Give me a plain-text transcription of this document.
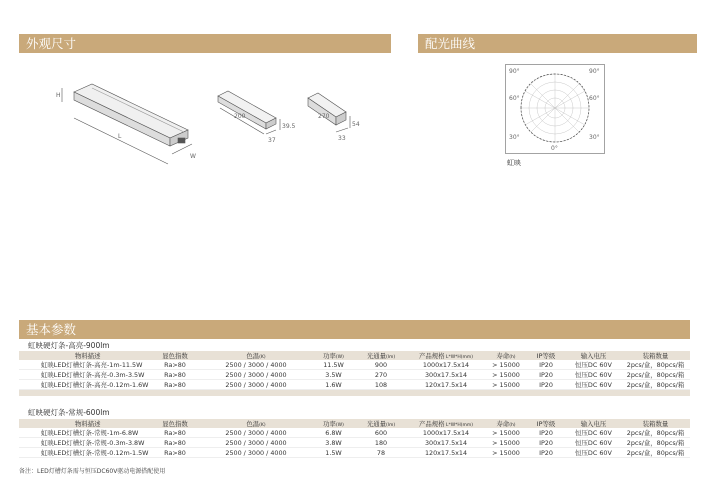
外观尺寸	配光曲线
基本参数
H
L
W
200
39.5
37
270
54
33
90°	90°
60°	60°
30°	30°
0°
虹映
虹映硬灯条-高亮-900lm
物料描述	显色指数	色温(K)	功率(W)	光通量(lm)	产品规格 L*W*H(mm)	寿命(h)	IP等级	输入电压	装箱数量
虹映LED灯槽灯条-高亮-1m-11.5W	Ra>80	2500 / 3000 / 4000	11.5W	900	1000x17.5x14	> 15000	IP20	恒压DC 60V	2pcs/盒，80pcs/箱
虹映LED灯槽灯条-高亮-0.3m-3.5W	Ra>80	2500 / 3000 / 4000	3.5W	270	300x17.5x14	> 15000	IP20	恒压DC 60V	2pcs/盒，80pcs/箱
虹映LED灯槽灯条-高亮-0.12m-1.6W	Ra>80	2500 / 3000 / 4000	1.6W	108	120x17.5x14	> 15000	IP20	恒压DC 60V	2pcs/盒，80pcs/箱

虹映硬灯条-常规-600lm
物料描述	显色指数	色温(K)	功率(W)	光通量(lm)	产品规格 L*W*H(mm)	寿命(h)	IP等级	输入电压	装箱数量
虹映LED灯槽灯条-常规-1m-6.8W	Ra>80	2500 / 3000 / 4000	6.8W	600	1000x17.5x14	> 15000	IP20	恒压DC 60V	2pcs/盒，80pcs/箱
虹映LED灯槽灯条-常规-0.3m-3.8W	Ra>80	2500 / 3000 / 4000	3.8W	180	300x17.5x14	> 15000	IP20	恒压DC 60V	2pcs/盒，80pcs/箱
虹映LED灯槽灯条-常规-0.12m-1.5W	Ra>80	2500 / 3000 / 4000	1.5W	78	120x17.5x14	> 15000	IP20	恒压DC 60V	2pcs/盒，80pcs/箱
备注：LED灯槽灯条需与恒压DC60V驱动电源搭配使用
